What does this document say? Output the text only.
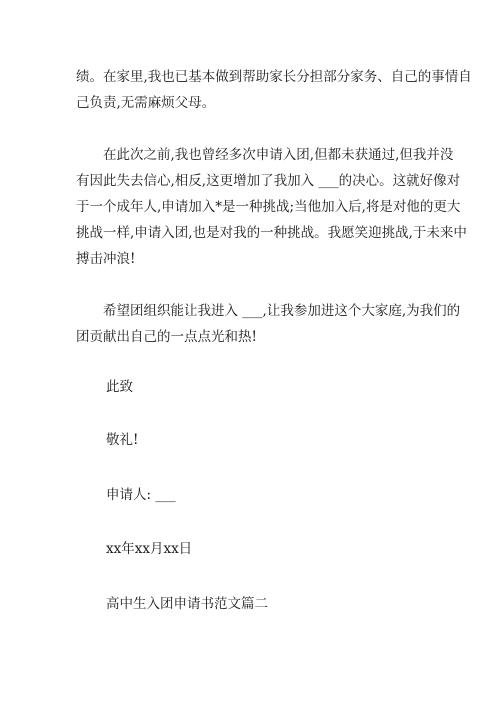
绩。在家里,我也已基本做到帮助家长分担部分家务、自己的事情自
己负责,无需麻烦父母。

　　在此次之前,我也曾经多次申请入团,但都未获通过,但我并没
有因此失去信心,相反,这更增加了我加入 ___的决心。这就好像对
于一个成年人,申请加入*是一种挑战;当他加入后,将是对他的更大
挑战一样,申请入团,也是对我的一种挑战。我愿笑迎挑战,于未来中
搏击冲浪!

　　希望团组织能让我进入 ___,让我参加进这个大家庭,为我们的
团贡献出自己的一点点光和热!

此致

敬礼!

申请人: ___

xx年xx月xx日

高中生入团申请书范文篇二
